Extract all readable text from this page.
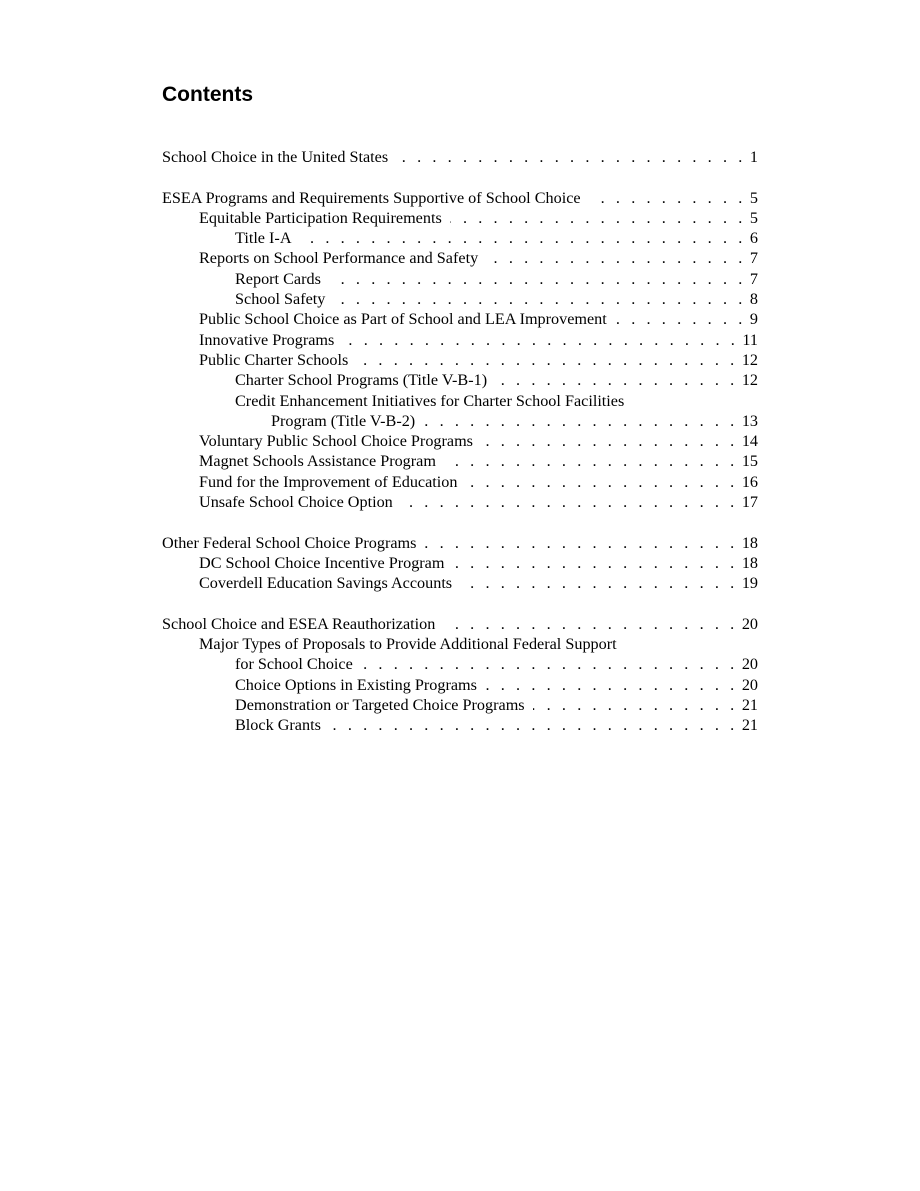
Contents
School Choice in the United States . . .	1
ESEA Programs and Requirements Supportive of School Choice . . .	5
Equitable Participation Requirements . . .	5
Title I-A . . .	6
Reports on School Performance and Safety . . .	7
Report Cards . . .	7
School Safety . . .	8
Public School Choice as Part of School and LEA Improvement . . .	9
Innovative Programs . . .	11
Public Charter Schools . . .	12
Charter School Programs (Title V-B-1) . . .	12
Credit Enhancement Initiatives for Charter School Facilities
Program (Title V-B-2) . . .	13
Voluntary Public School Choice Programs . . .	14
Magnet Schools Assistance Program . . .	15
Fund for the Improvement of Education . . .	16
Unsafe School Choice Option . . .	17
Other Federal School Choice Programs . . .	18
DC School Choice Incentive Program . . .	18
Coverdell Education Savings Accounts . . .	19
School Choice and ESEA Reauthorization . . .	20
Major Types of Proposals to Provide Additional Federal Support
for School Choice . . .	20
Choice Options in Existing Programs . . .	20
Demonstration or Targeted Choice Programs . . .	21
Block Grants . . .	21
